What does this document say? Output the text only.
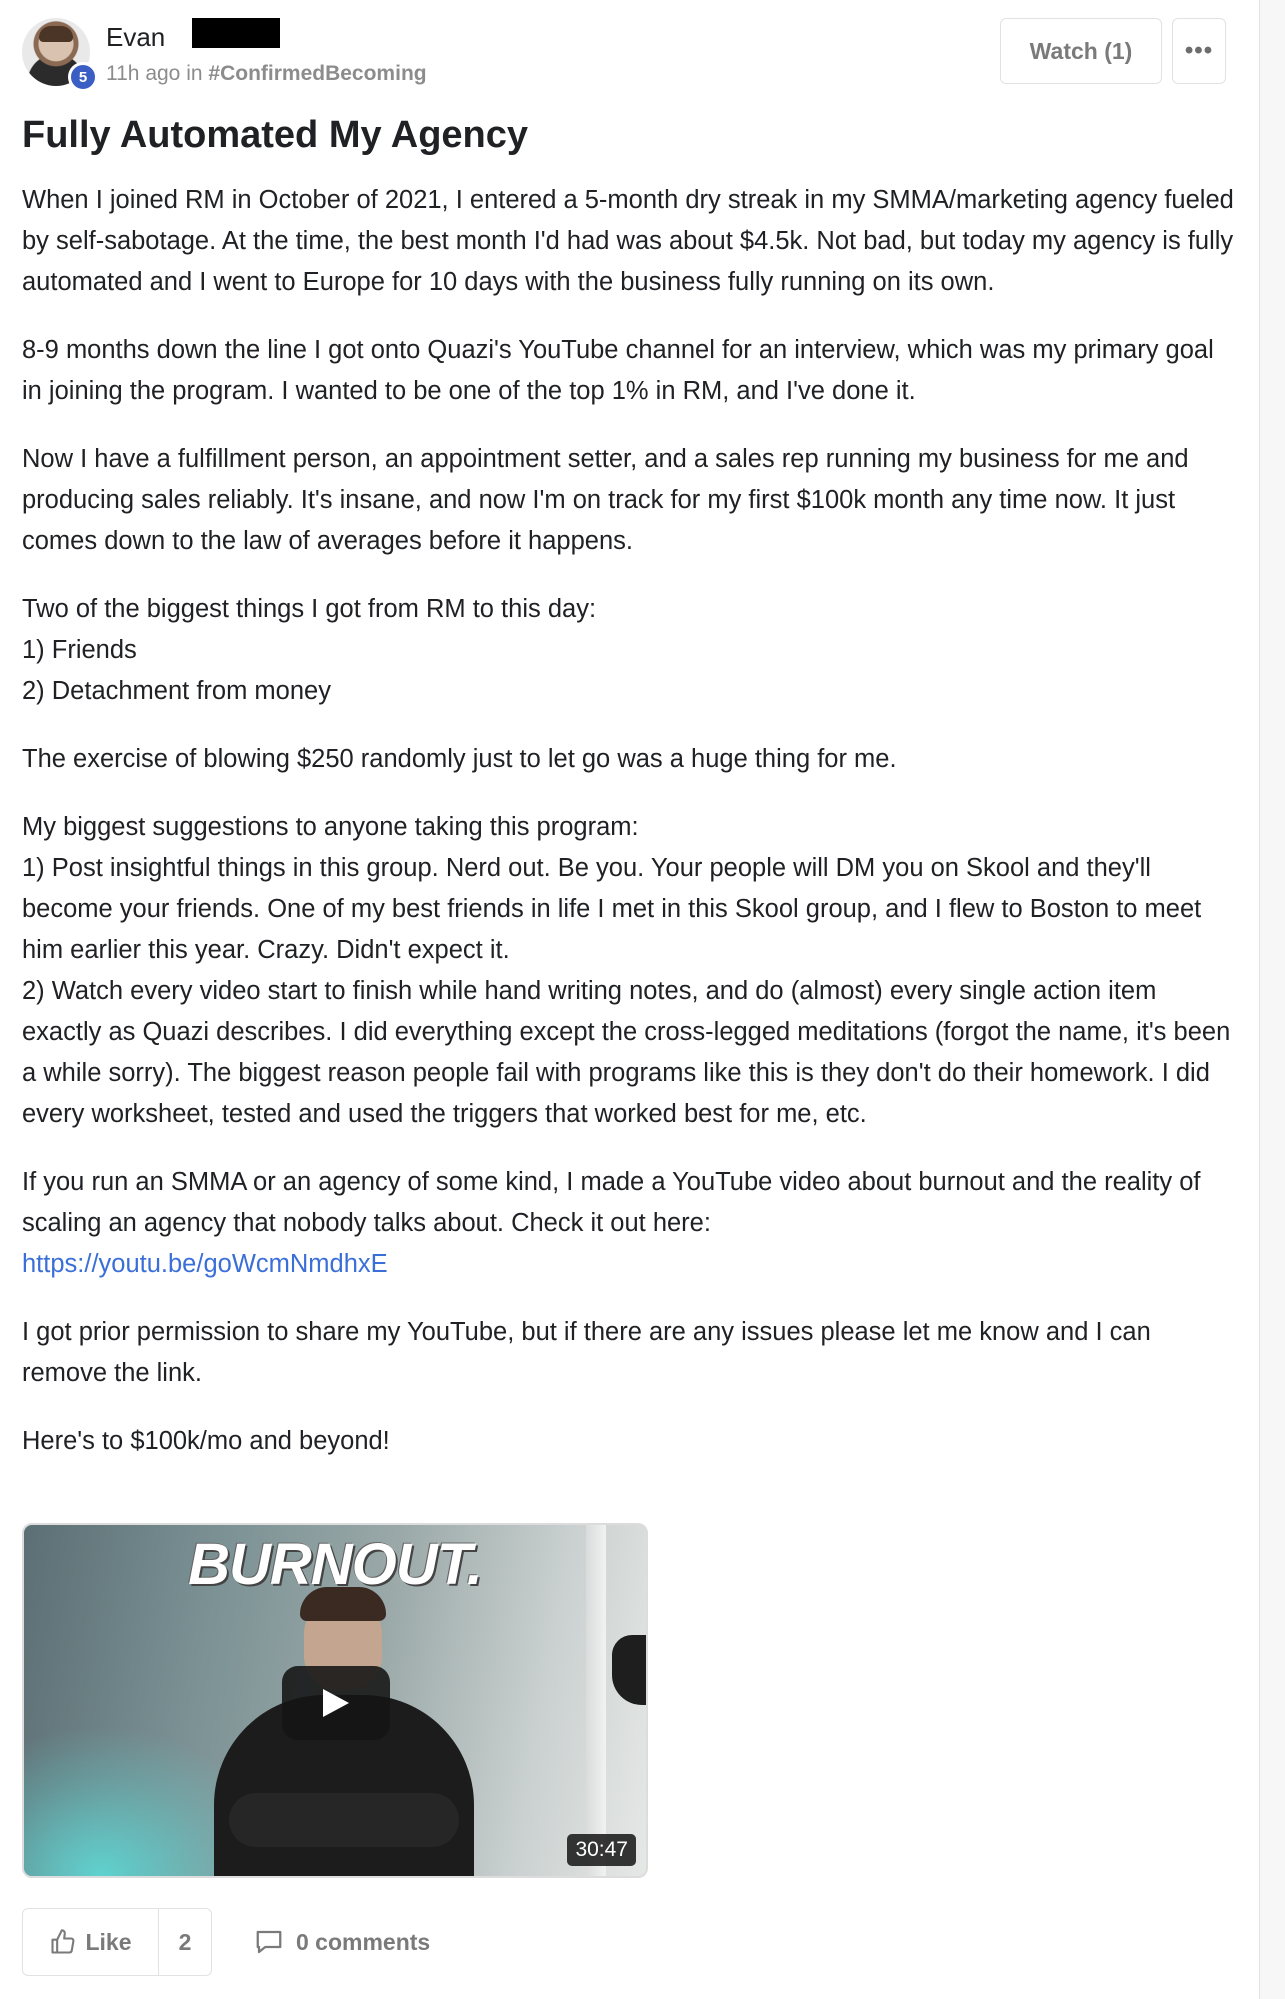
5
Evan
11h ago in #ConfirmedBecoming
Watch (1)	•••
Fully Automated My Agency

When I joined RM in October of 2021, I entered a 5-month dry streak in my SMMA/marketing agency fueled by self-sabotage. At the time, the best month I'd had was about $4.5k. Not bad, but today my agency is fully automated and I went to Europe for 10 days with the business fully running on its own.

8-9 months down the line I got onto Quazi's YouTube channel for an interview, which was my primary goal in joining the program. I wanted to be one of the top 1% in RM, and I've done it.

Now I have a fulfillment person, an appointment setter, and a sales rep running my business for me and producing sales reliably. It's insane, and now I'm on track for my first $100k month any time now. It just comes down to the law of averages before it happens.

Two of the biggest things I got from RM to this day:
1) Friends
2) Detachment from money

The exercise of blowing $250 randomly just to let go was a huge thing for me.

My biggest suggestions to anyone taking this program:
1) Post insightful things in this group. Nerd out. Be you. Your people will DM you on Skool and they'll become your friends. One of my best friends in life I met in this Skool group, and I flew to Boston to meet him earlier this year. Crazy. Didn't expect it.
2) Watch every video start to finish while hand writing notes, and do (almost) every single action item exactly as Quazi describes. I did everything except the cross-legged meditations (forgot the name, it's been a while sorry). The biggest reason people fail with programs like this is they don't do their homework. I did every worksheet, tested and used the triggers that worked best for me, etc.

If you run an SMMA or an agency of some kind, I made a YouTube video about burnout and the reality of scaling an agency that nobody talks about. Check it out here:
https://youtu.be/goWcmNmdhxE

I got prior permission to share my YouTube, but if there are any issues please let me know and I can remove the link.

Here's to $100k/mo and beyond!

BURNOUT.
30:47
Like	2	0 comments
